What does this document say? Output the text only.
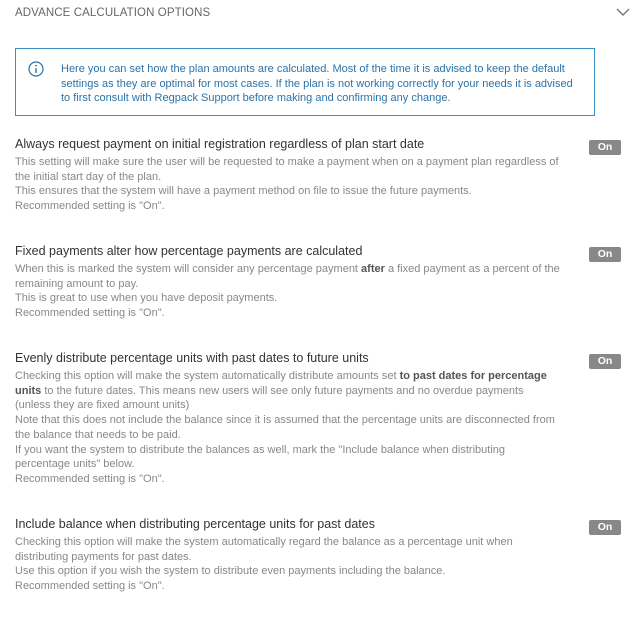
ADVANCE CALCULATION OPTIONS
Here you can set how the plan amounts are calculated. Most of the time it is advised to keep the default settings as they are optimal for most cases. If the plan is not working correctly for your needs it is advised to first consult with Regpack Support before making and confirming any change.
Always request payment on initial registration regardless of plan start date
This setting will make sure the user will be requested to make a payment when on a payment plan regardless of the initial start day of the plan.
This ensures that the system will have a payment method on file to issue the future payments.
Recommended setting is "On".
On
Fixed payments alter how percentage payments are calculated
When this is marked the system will consider any percentage payment after a fixed payment as a percent of the remaining amount to pay.
This is great to use when you have deposit payments.
Recommended setting is "On".
On
Evenly distribute percentage units with past dates to future units
Checking this option will make the system automatically distribute amounts set to past dates for percentage units to the future dates. This means new users will see only future payments and no overdue payments (unless they are fixed amount units)
Note that this does not include the balance since it is assumed that the percentage units are disconnected from the balance that needs to be paid.
If you want the system to distribute the balances as well, mark the "Include balance when distributing percentage units" below.
Recommended setting is "On".
On
Include balance when distributing percentage units for past dates
Checking this option will make the system automatically regard the balance as a percentage unit when distributing payments for past dates.
Use this option if you wish the system to distribute even payments including the balance.
Recommended setting is "On".
On
